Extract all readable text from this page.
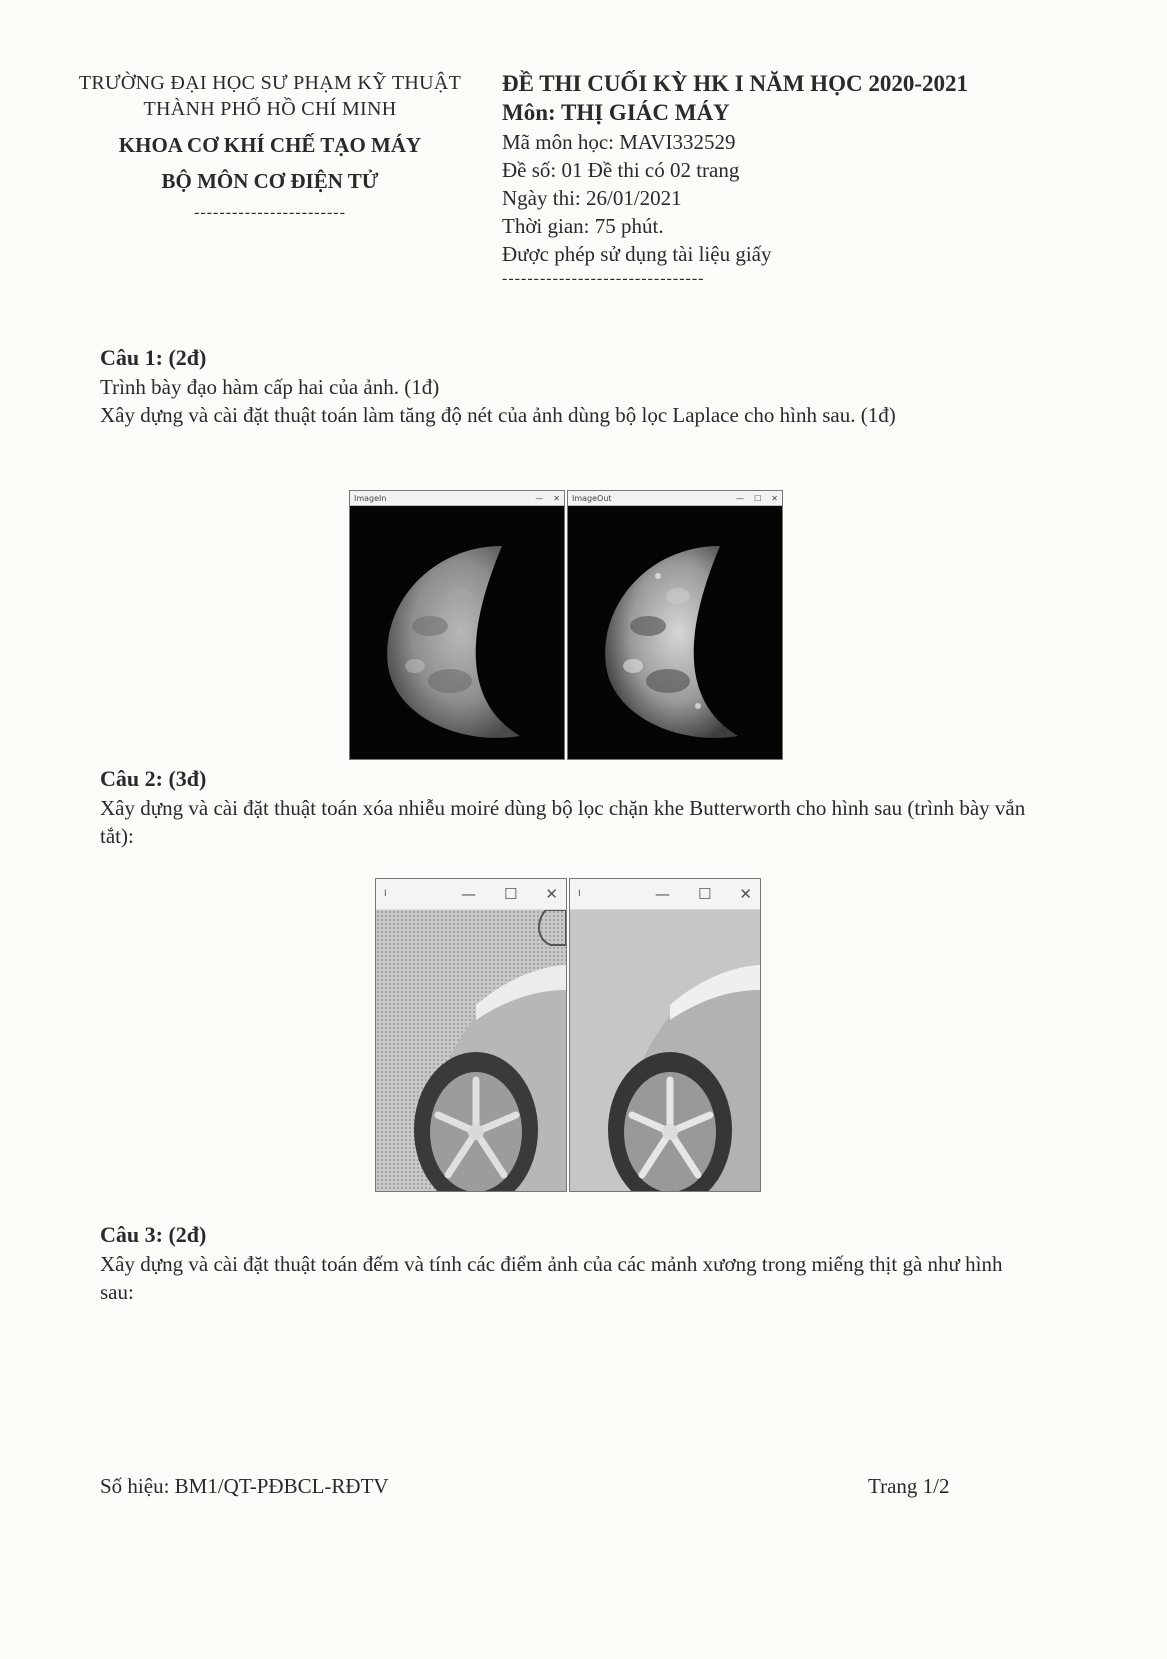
TRƯỜNG ĐẠI HỌC SƯ PHẠM KỸ THUẬT
THÀNH PHỐ HỒ CHÍ MINH
KHOA CƠ KHÍ CHẾ TẠO MÁY
BỘ MÔN CƠ ĐIỆN TỬ
------------------------
ĐỀ THI CUỐI KỲ HK I NĂM HỌC 2020-2021
Môn: THỊ GIÁC MÁY
Mã môn học: MAVI332529
Đề số: 01 Đề thi có 02 trang
Ngày thi: 26/01/2021
Thời gian: 75 phút.
Được phép sử dụng tài liệu giấy
--------------------------------
Câu 1: (2đ)

Trình bày đạo hàm cấp hai của ảnh. (1đ)

Xây dựng và cài đặt thuật toán làm tăng độ nét của ảnh dùng bộ lọc Laplace cho hình sau. (1đ)

ImageIn	— ✕ ImageOut	— ☐ ✕
Câu 2: (3đ)

Xây dựng và cài đặt thuật toán xóa nhiễu moiré dùng bộ lọc chặn khe Butterworth cho hình sau (trình bày vắn tắt):

I	— ☐ ✕ I	— ☐ ✕
Câu 3: (2đ)

Xây dựng và cài đặt thuật toán đếm và tính các điểm ảnh của các mảnh xương trong miếng thịt gà như hình sau:

Số hiệu: BM1/QT-PĐBCL-RĐTV	Trang 1/2
